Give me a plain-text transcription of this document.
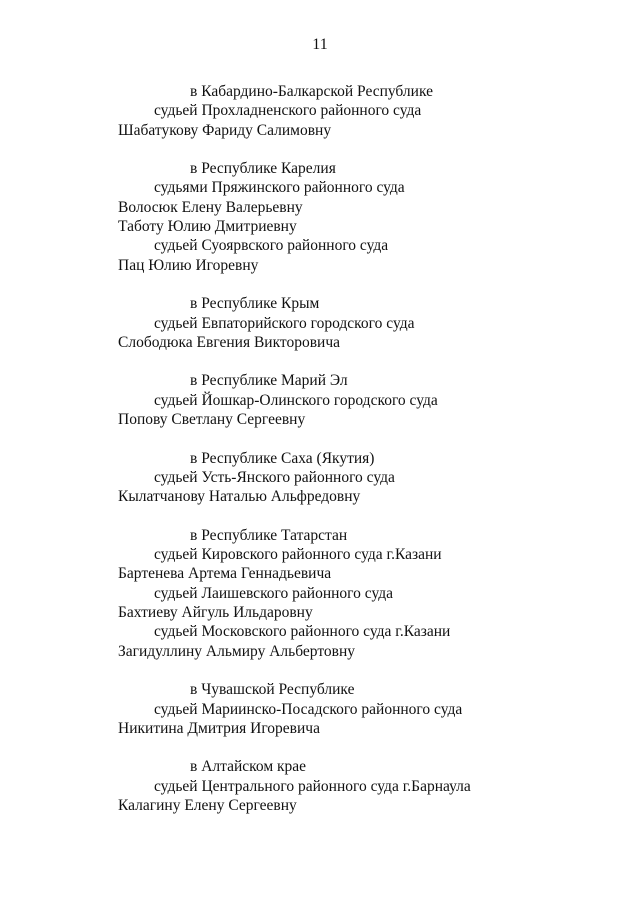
11
в Кабардино-Балкарской Республике
судьей Прохладненского районного суда
Шабатукову Фариду Салимовну
в Республике Карелия
судьями Пряжинского районного суда
Волосюк Елену Валерьевну
Таботу Юлию Дмитриевну
судьей Суоярвского районного суда
Пац Юлию Игоревну
в Республике Крым
судьей Евпаторийского городского суда
Слободюка Евгения Викторовича
в Республике Марий Эл
судьей Йошкар-Олинского городского суда
Попову Светлану Сергеевну
в Республике Саха (Якутия)
судьей Усть-Янского районного суда
Кылатчанову Наталью Альфредовну
в Республике Татарстан
судьей Кировского районного суда г.Казани
Бартенева Артема Геннадьевича
судьей Лаишевского районного суда
Бахтиеву Айгуль Ильдаровну
судьей Московского районного суда г.Казани
Загидуллину Альмиру Альбертовну
в Чувашской Республике
судьей Мариинско-Посадского районного суда
Никитина Дмитрия Игоревича
в Алтайском крае
судьей Центрального районного суда г.Барнаула
Калагину Елену Сергеевну
